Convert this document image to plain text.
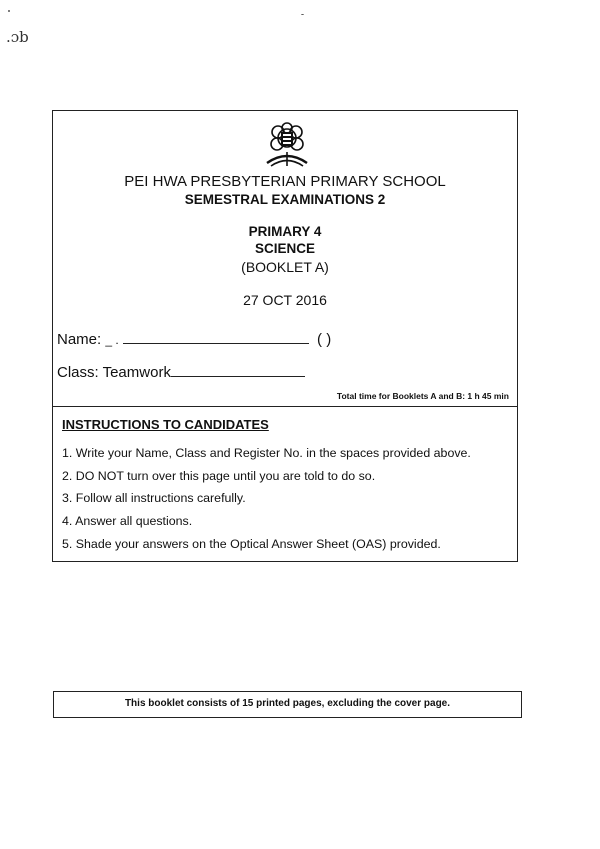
.ɔb
PEI HWA PRESBYTERIAN PRIMARY SCHOOL
SEMESTRAL EXAMINATIONS 2
PRIMARY 4
SCIENCE
(BOOKLET A)
27 OCT 2016
Name: _ .	( )
Class: Teamwork
Total time for Booklets A and B: 1 h 45 min
INSTRUCTIONS TO CANDIDATES
1. Write your Name, Class and Register No. in the spaces provided above.
2. DO NOT turn over this page until you are told to do so.
3. Follow all instructions carefully.
4. Answer all questions.
5. Shade your answers on the Optical Answer Sheet (OAS) provided.
This booklet consists of 15 printed pages, excluding the cover page.
